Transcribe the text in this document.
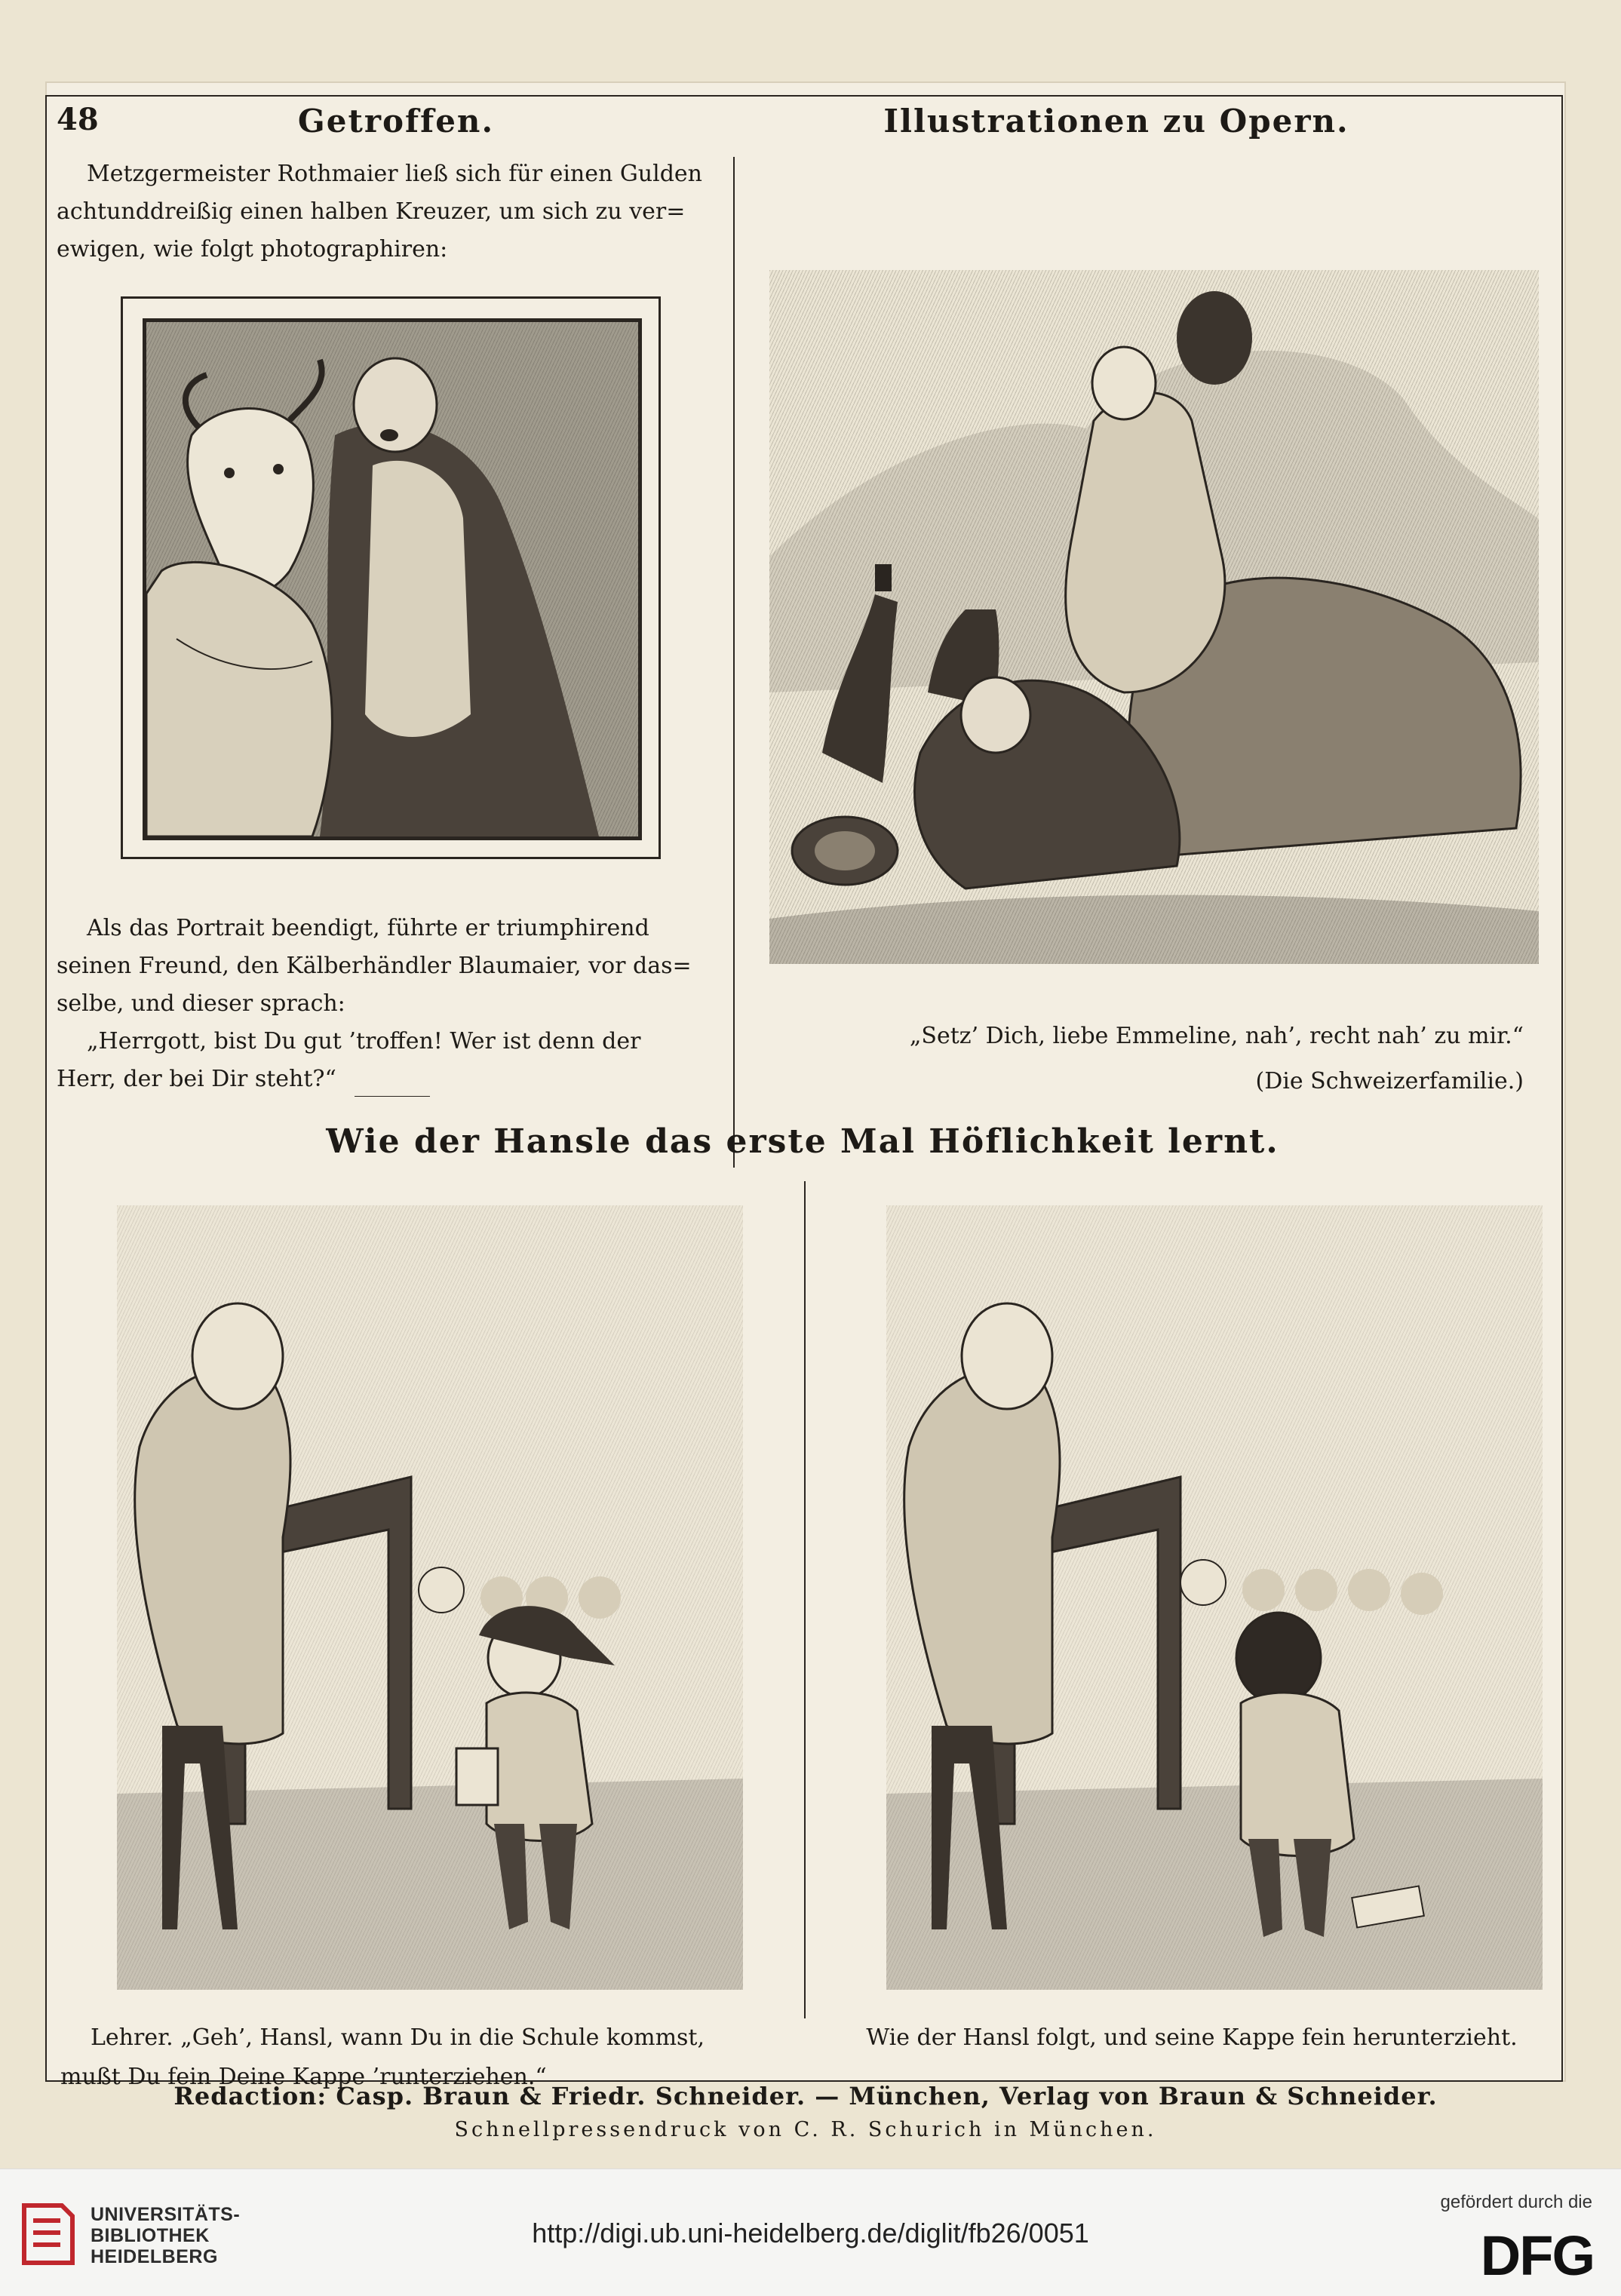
48	Getroffen.

Metzgermeister Rothmaier ließ sich für einen Gulden

achtunddreißig einen halben Kreuzer, um sich zu ver=

ewigen, wie folgt photographiren:

Als das Portrait beendigt, führte er triumphirend

seinen Freund, den Kälberhändler Blaumaier, vor das=

selbe, und dieser sprach:

„Herrgott, bist Du gut ’troffen! Wer ist denn der

Herr, der bei Dir steht?“

Illustrationen zu Opern.
„Setz’ Dich, liebe Emmeline, nah’, recht nah’ zu mir.“
(Die Schweizerfamilie.)
Wie der Hansle das erste Mal Höflichkeit lernt.
Lehrer. „Geh’, Hansl, wann Du in die Schule kommst,
mußt Du fein Deine Kappe ’runterziehen.“
Wie der Hansl folgt, und seine Kappe fein herunterzieht.
Redaction: Casp. Braun & Friedr. Schneider. — München, Verlag von Braun & Schneider.
Schnellpressendruck von C. R. Schurich in München.
UNIVERSITÄTS-
BIBLIOTHEK
HEIDELBERG
http://digi.ub.uni-heidelberg.de/diglit/fb26/0051
gefördert durch die
DFG
